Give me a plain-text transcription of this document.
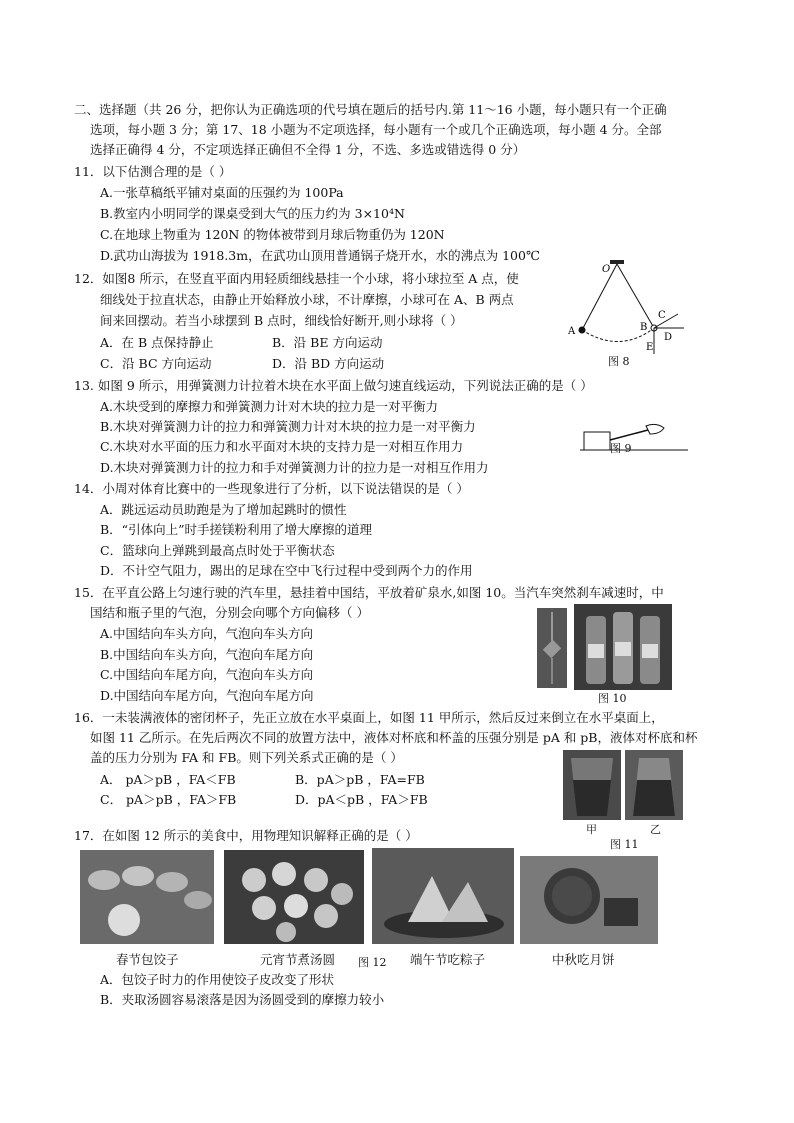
二、选择题（共 26 分，把你认为正确选项的代号填在题后的括号内.第 11～16 小题，每小题只有一个正确
选项，每小题 3 分；第 17、18 小题为不定项选择，每小题有一个或几个正确选项，每小题 4 分。全部
选择正确得 4 分，不定项选择正确但不全得 1 分，不选、多选或错选得 0 分）
11．以下估测合理的是（ ）
A.一张草稿纸平铺对桌面的压强约为 100Pa
B.教室内小明同学的课桌受到大气的压力约为 3×10⁴N
C.在地球上物重为 120N 的物体被带到月球后物重仍为 120N
D.武功山海拔为 1918.3m，在武功山顶用普通锅子烧开水，水的沸点为 100℃
12．如图8 所示，在竖直平面内用轻质细线悬挂一个小球，将小球拉至 A 点，使
细线处于拉直状态，由静止开始释放小球，不计摩擦，小球可在 A、B 两点
间来回摆动。若当小球摆到 B 点时，细线恰好断开,则小球将（ ）
A．在 B 点保持静止	B．沿 BE 方向运动
C．沿 BC 方向运动	D．沿 BD 方向运动
O
A	B
C
D
E
图 8
13. 如图 9 所示，用弹簧测力计拉着木块在水平面上做匀速直线运动，下列说法正确的是（ ）
A.木块受到的摩擦力和弹簧测力计对木块的拉力是一对平衡力
B.木块对弹簧测力计的拉力和弹簧测力计对木块的拉力是一对平衡力
C.木块对水平面的压力和水平面对木块的支持力是一对相互作用力
D.木块对弹簧测力计的拉力和手对弹簧测力计的拉力是一对相互作用力
图 9
14．小周对体育比赛中的一些现象进行了分析，以下说法错误的是（ ）
A．跳远运动员助跑是为了增加起跳时的惯性
B．“引体向上”时手搓镁粉利用了增大摩擦的道理
C．篮球向上弹跳到最高点时处于平衡状态
D．不计空气阻力，踢出的足球在空中飞行过程中受到两个力的作用
15．在平直公路上匀速行驶的汽车里，悬挂着中国结，平放着矿泉水,如图 10。当汽车突然刹车减速时，中
国结和瓶子里的气泡，分别会向哪个方向偏移（ ）
A.中国结向车头方向，气泡向车头方向
B.中国结向车头方向，气泡向车尾方向
C.中国结向车尾方向，气泡向车头方向
D.中国结向车尾方向，气泡向车尾方向	图 10
16．一未装满液体的密闭杯子，先正立放在水平桌面上，如图 11 甲所示，然后反过来倒立在水平桌面上，
如图 11 乙所示。在先后两次不同的放置方法中，液体对杯底和杯盖的压强分别是 pA 和 pB，液体对杯底和杯
盖的压力分别为 FA 和 FB。则下列关系式正确的是（ ）
A． pA＞pB ，FA＜FB	B．pA＞pB ，FA=FB
C． pA＞pB ，FA＞FB	D．pA＜pB ，FA＞FB
甲	乙
图 11
17．在如图 12 所示的美食中，用物理知识解释正确的是（ ）
春节包饺子	元宵节煮汤圆 图 12 端午节吃粽子	中秋吃月饼
A．包饺子时力的作用使饺子皮改变了形状
B．夹取汤圆容易滚落是因为汤圆受到的摩擦力较小
